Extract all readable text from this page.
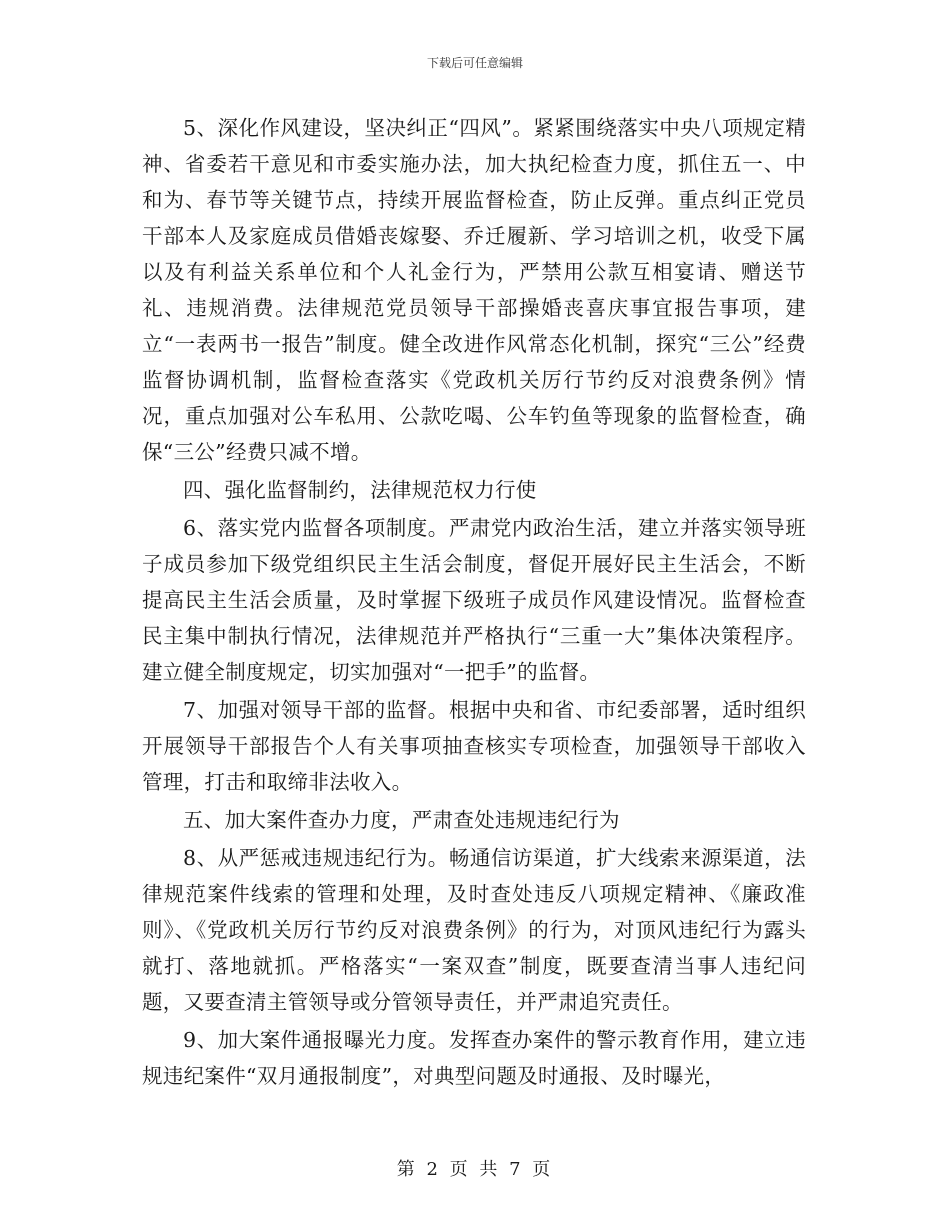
下载后可任意编辑

5、深化作风建设，坚决纠正“四风”。紧紧围绕落实中央八项规定精神、省委若干意见和市委实施办法，加大执纪检查力度，抓住五一、中和为、春节等关键节点，持续开展监督检查，防止反弹。重点纠正党员干部本人及家庭成员借婚丧嫁娶、乔迁履新、学习培训之机，收受下属以及有利益关系单位和个人礼金行为，严禁用公款互相宴请、赠送节礼、违规消费。法律规范党员领导干部操婚丧喜庆事宜报告事项，建立“一表两书一报告”制度。健全改进作风常态化机制，探究“三公”经费监督协调机制，监督检查落实《党政机关厉行节约反对浪费条例》情况，重点加强对公车私用、公款吃喝、公车钓鱼等现象的监督检查，确保“三公”经费只减不增。

四、强化监督制约，法律规范权力行使

6、落实党内监督各项制度。严肃党内政治生活，建立并落实领导班子成员参加下级党组织民主生活会制度，督促开展好民主生活会，不断提高民主生活会质量，及时掌握下级班子成员作风建设情况。监督检查民主集中制执行情况，法律规范并严格执行“三重一大”集体决策程序。建立健全制度规定，切实加强对“一把手”的监督。

7、加强对领导干部的监督。根据中央和省、市纪委部署，适时组织开展领导干部报告个人有关事项抽查核实专项检查，加强领导干部收入管理，打击和取缔非法收入。

五、加大案件查办力度，严肃查处违规违纪行为

8、从严惩戒违规违纪行为。畅通信访渠道，扩大线索来源渠道，法律规范案件线索的管理和处理，及时查处违反八项规定精神、《廉政准则》、《党政机关厉行节约反对浪费条例》的行为，对顶风违纪行为露头就打、落地就抓。严格落实“一案双查”制度，既要查清当事人违纪问题，又要查清主管领导或分管领导责任，并严肃追究责任。

9、加大案件通报曝光力度。发挥查办案件的警示教育作用，建立违规违纪案件“双月通报制度”，对典型问题及时通报、及时曝光，

第 2 页 共 7 页
